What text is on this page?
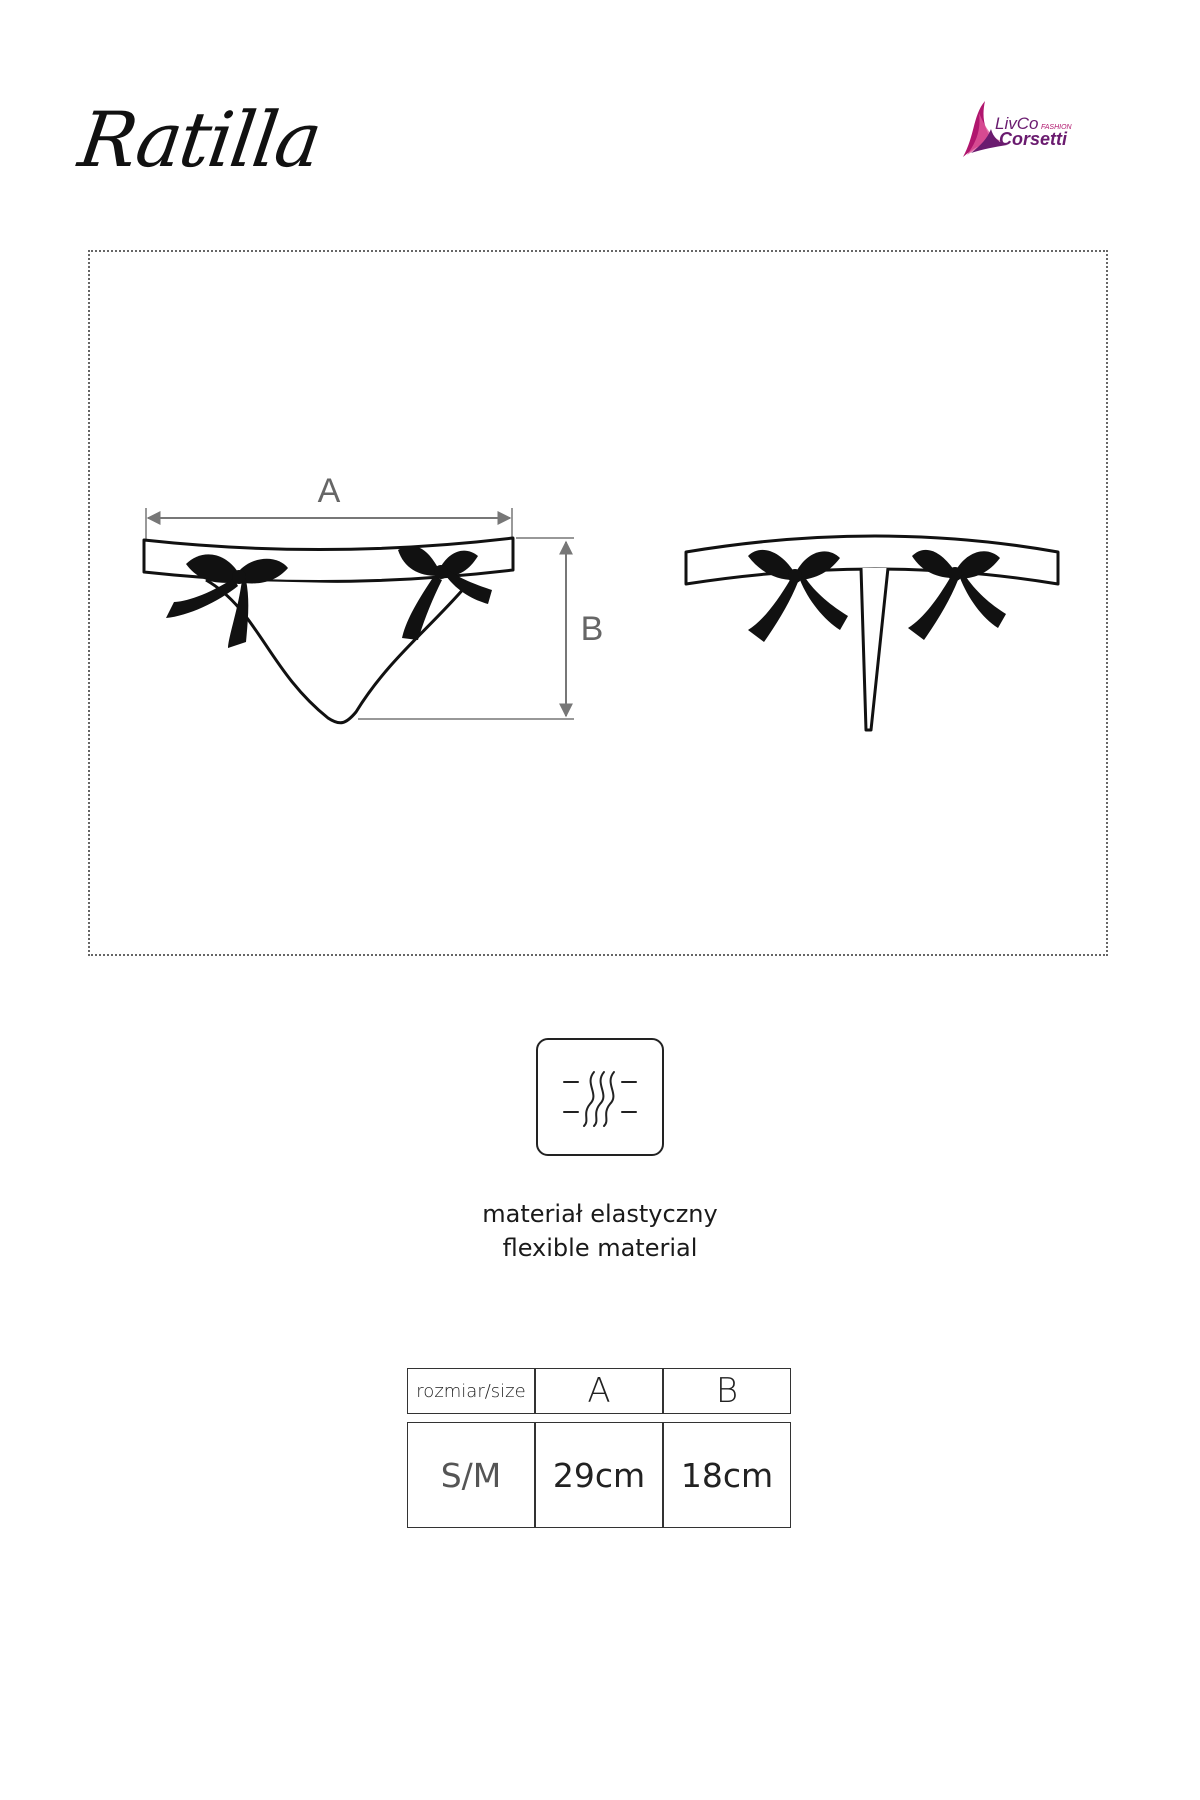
Ratilla	LivCo FASHION
Corsetti
A
B
materiał elastyczny
flexible material
rozmiar/size	A	B

S/M	29cm	18cm
